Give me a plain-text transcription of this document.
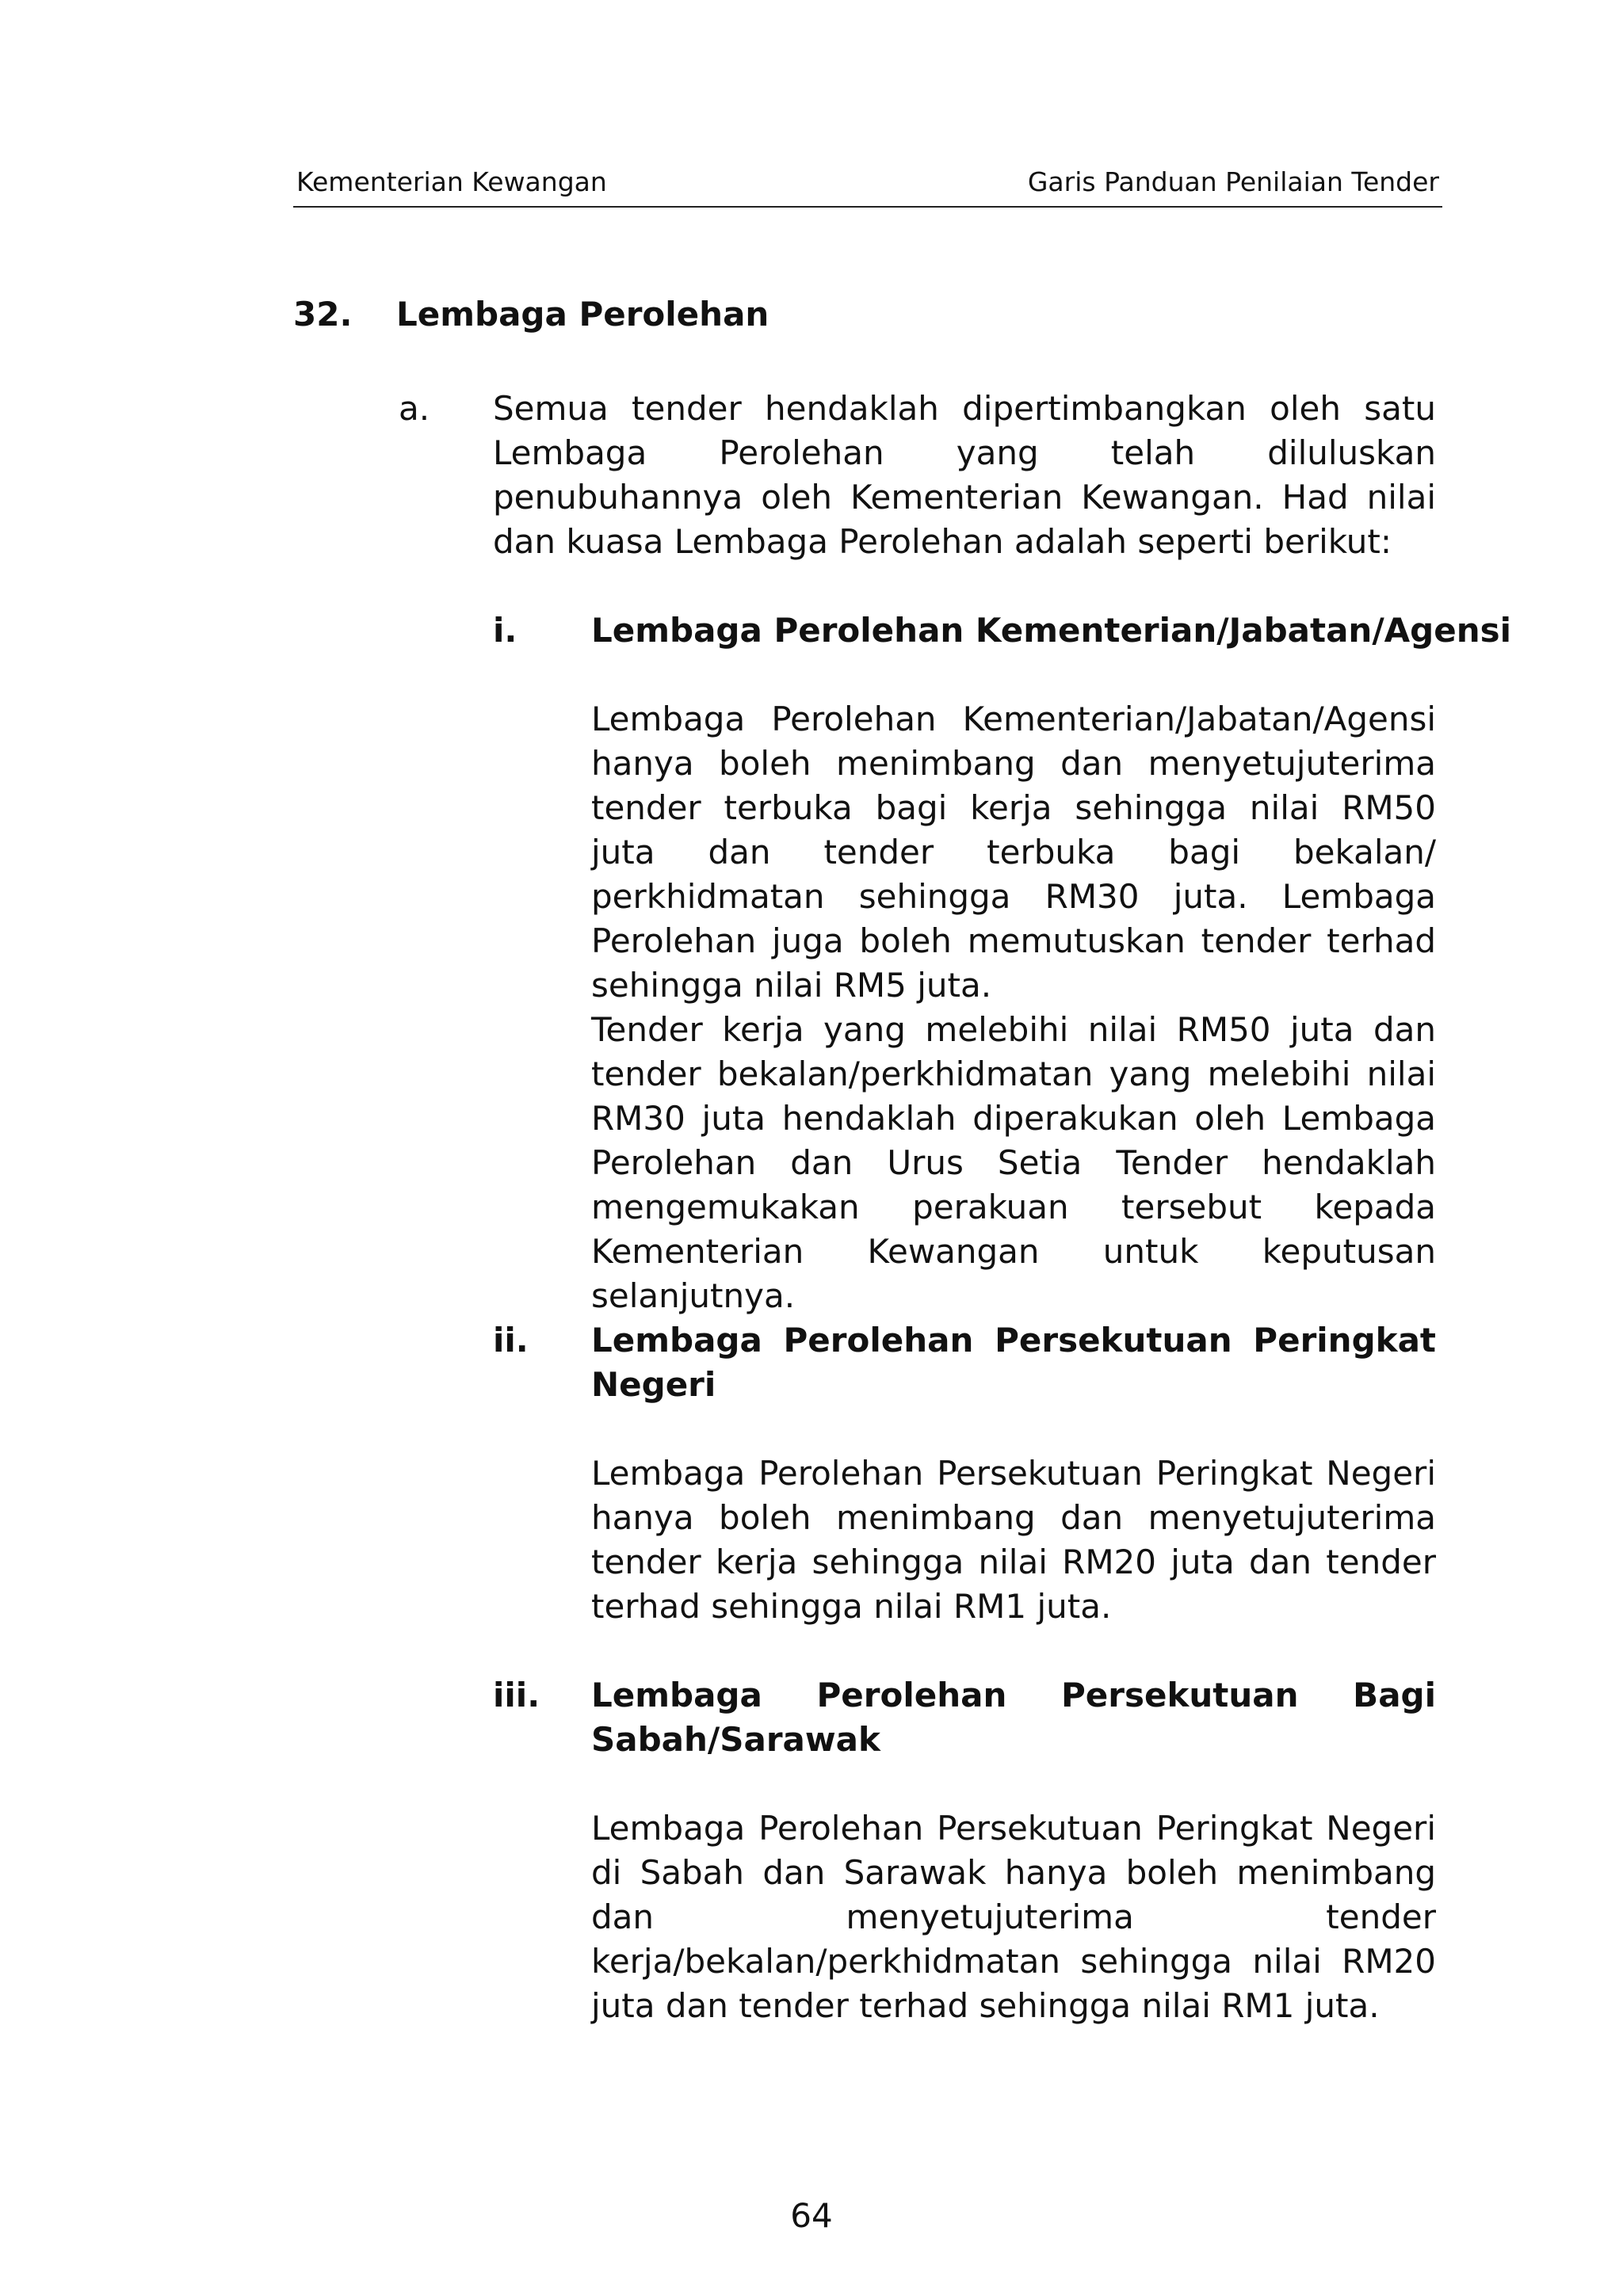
Kementerian Kewangan	Garis Panduan Penilaian Tender
32. Lembaga Perolehan
a. Semua tender hendaklah dipertimbangkan oleh satu Lembaga Perolehan yang telah diluluskan penubuhannya oleh Kementerian Kewangan. Had nilai dan kuasa Lembaga Perolehan adalah seperti berikut:
i. Lembaga Perolehan Kementerian/Jabatan/Agensi
Lembaga Perolehan Kementerian/Jabatan/Agensi hanya boleh menimbang dan menyetujuterima tender terbuka bagi kerja sehingga nilai RM50 juta dan tender terbuka bagi bekalan/ perkhidmatan sehingga RM30 juta. Lembaga Perolehan juga boleh memutuskan tender terhad sehingga nilai RM5 juta.
Tender kerja yang melebihi nilai RM50 juta dan tender bekalan/perkhidmatan yang melebihi nilai RM30 juta hendaklah diperakukan oleh Lembaga Perolehan dan Urus Setia Tender hendaklah mengemukakan perakuan tersebut kepada Kementerian Kewangan untuk keputusan selanjutnya.
ii. Lembaga Perolehan Persekutuan Peringkat Negeri
Lembaga Perolehan Persekutuan Peringkat Negeri hanya boleh menimbang dan menyetujuterima tender kerja sehingga nilai RM20 juta dan tender terhad sehingga nilai RM1 juta.
iii. Lembaga Perolehan Persekutuan Bagi Sabah/Sarawak
Lembaga Perolehan Persekutuan Peringkat Negeri di Sabah dan Sarawak hanya boleh menimbang dan menyetujuterima tender kerja/bekalan/perkhidmatan sehingga nilai RM20 juta dan tender terhad sehingga nilai RM1 juta.
64
